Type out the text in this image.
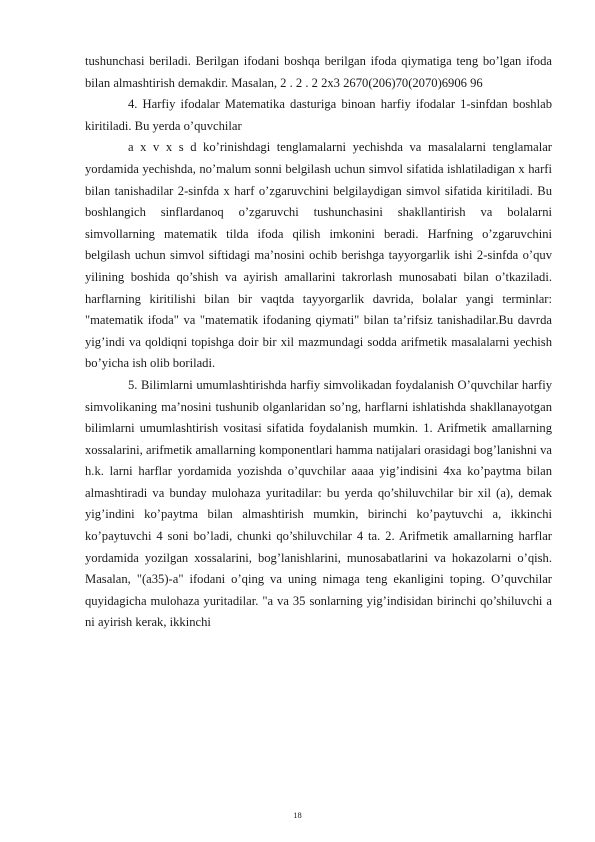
tushunchasi beriladi. Berilgan ifodani boshqa berilgan ifoda qiymatiga teng bo’lgan ifoda bilan almashtirish demakdir. Masalan, 2 . 2 . 2 2x3 2670(206)70(2070)6906 96

4. Harfiy ifodalar Matematika dasturiga binoan harfiy ifodalar 1-sinfdan boshlab kiritiladi. Bu yerda o’quvchilar

a x v x s d ko’rinishdagi tenglamalarni yechishda va masalalarni tenglamalar yordamida yechishda, no’malum sonni belgilash uchun simvol sifatida ishlatiladigan x harfi bilan tanishadilar 2-sinfda x harf o’zgaruvchini belgilaydigan simvol sifatida kiritiladi. Bu boshlangich sinflardanoq o’zgaruvchi tushunchasini shakllantirish va bolalarni simvollarning matematik tilda ifoda qilish imkonini beradi. Harfning o’zgaruvchini belgilash uchun simvol siftidagi ma’nosini ochib berishga tayyorgarlik ishi 2-sinfda o’quv yilining boshida qo’shish va ayirish amallarini takrorlash munosabati bilan o’tkaziladi. harflarning kiritilishi bilan bir vaqtda tayyorgarlik davrida, bolalar yangi terminlar: "matematik ifoda" va "matematik ifodaning qiymati" bilan ta’rifsiz tanishadilar.Bu davrda yig’indi va qoldiqni topishga doir bir xil mazmundagi sodda arifmetik masalalarni yechish bo’yicha ish olib boriladi.

5. Bilimlarni umumlashtirishda harfiy simvolikadan foydalanish O’quvchilar harfiy simvolikaning ma’nosini tushunib olganlaridan so’ng, harflarni ishlatishda shakllanayotgan bilimlarni umumlashtirish vositasi sifatida foydalanish mumkin. 1. Arifmetik amallarning xossalarini, arifmetik amallarning komponentlari hamma natijalari orasidagi bog’lanishni va h.k. larni harflar yordamida yozishda o’quvchilar aaaa yig’indisini 4xa ko’paytma bilan almashtiradi va bunday mulohaza yuritadilar: bu yerda qo’shiluvchilar bir xil (a), demak yig’indini ko’paytma bilan almashtirish mumkin, birinchi ko’paytuvchi a, ikkinchi ko’paytuvchi 4 soni bo’ladi, chunki qo’shiluvchilar 4 ta. 2. Arifmetik amallarning harflar yordamida yozilgan xossalarini, bog’lanishlarini, munosabatlarini va hokazolarni o’qish. Masalan, "(a35)-a" ifodani o’qing va uning nimaga teng ekanligini toping. O’quvchilar quyidagicha mulohaza yuritadilar. "a va 35 sonlarning yig’indisidan birinchi qo’shiluvchi a ni ayirish kerak, ikkinchi

18
